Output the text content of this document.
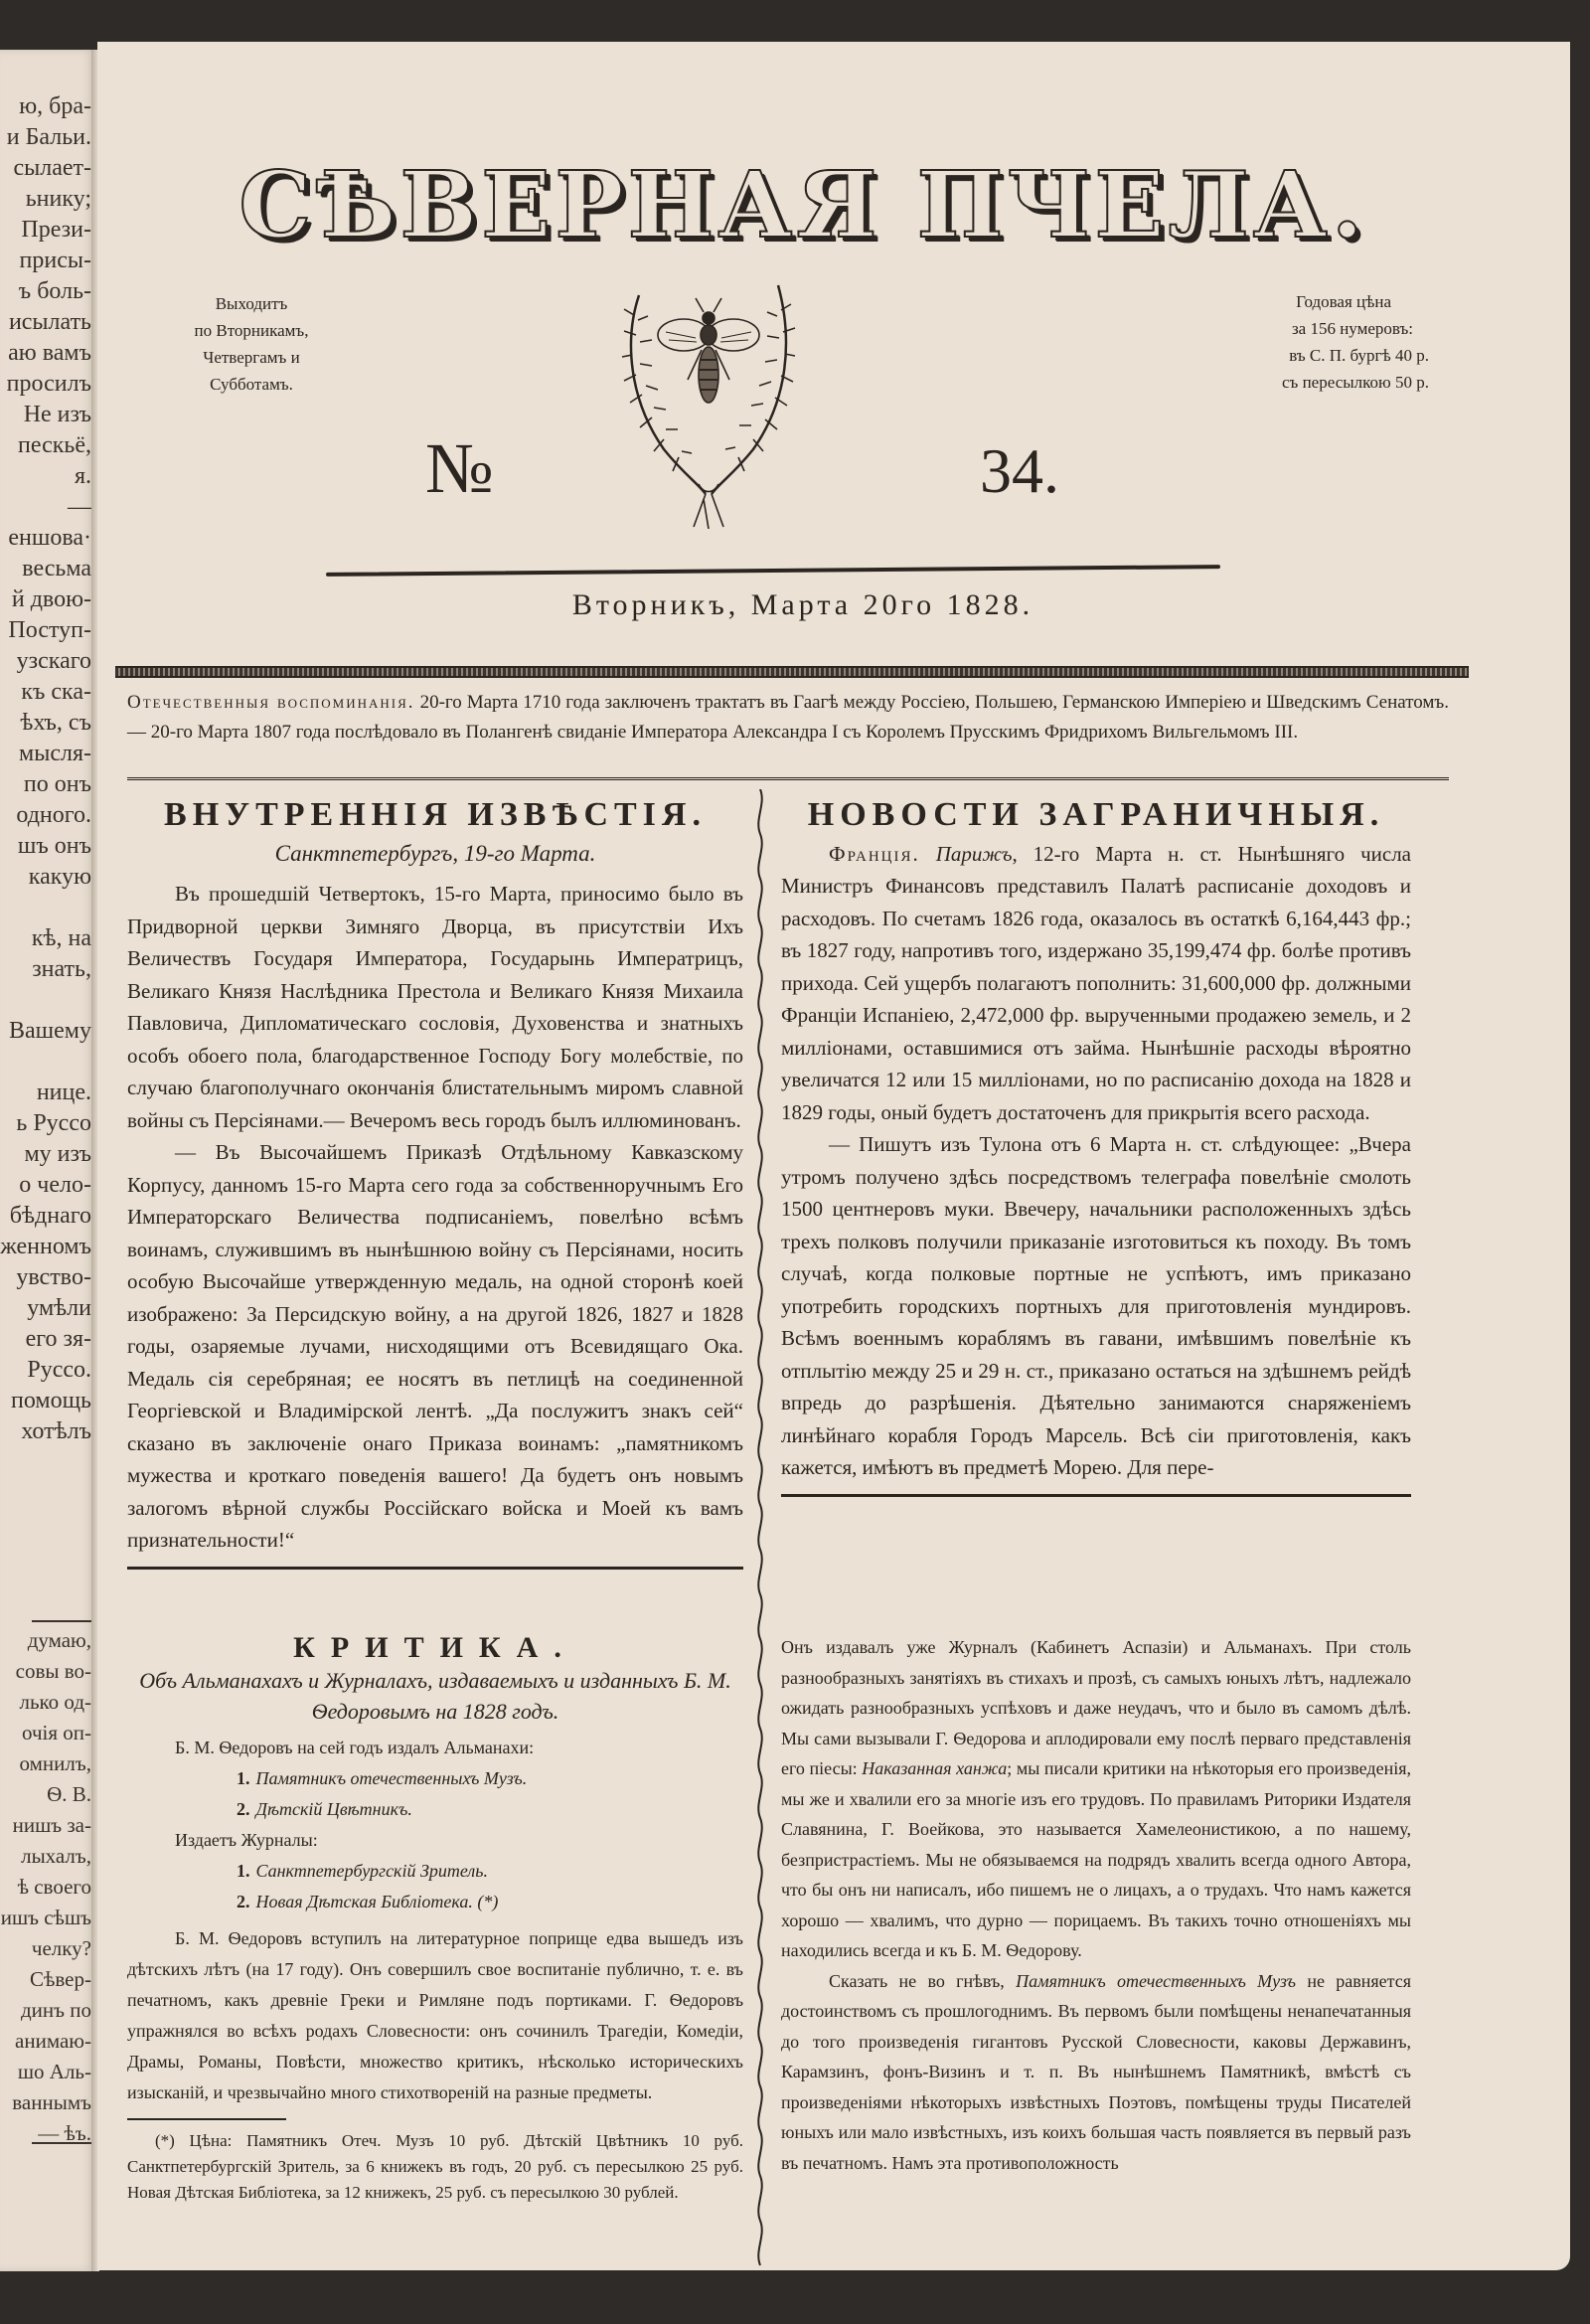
ю, бра-
и Бальи.
сылает-
ьнику;
Прези-
присы-
ъ боль-
исылать
аю вамъ
просилъ
Не изъ
пескьё,
я.
—
еншова·
весьма
й двою-
Поступ-
узскаго
къ ска-
ѣхъ, съ
мысля-
по онъ
одного.
шъ онъ
какую
кѣ, на
знать,
Вашему
нице.
ь Руссо
му изъ
о чело-
бѣднаго
женномъ
увствo-
умѣли
его зя-
Руссо.
помощь
хотѣлъ
думаю,
совы во-
лько од-
очія оп-
омнилъ,
Ѳ. В.
нишъ за-
лыхалъ,
ѣ своего
ишъ сѣшъ
челку?
Сѣвер-
динъ по
анимаю-
шо Аль-
ваннымъ
— ѣъ.
СѢВЕРНАЯ ПЧЕЛА.
Выходитъ
по Вторникамъ,
Четвергамъ и
Субботамъ.
Годовая цѣна
за 156 нумеровъ:
въ С. П. бургѣ 40 р.
съ пересылкою 50 р.
№	34.
Вторникъ, Марта 20го 1828.
Отечественныя воспоминанія. 20-го Марта 1710 года заключенъ трактатъ въ Гаагѣ между Россіею, Польшею, Германскою Имперіею и Шведскимъ Сенатомъ. — 20-го Марта 1807 года послѣдовало въ Полангенѣ свиданіе Императора Александра I съ Королемъ Прусскимъ Фридрихомъ Вильгельмомъ III.
ВНУТРЕННІЯ ИЗВѢСТІЯ.
Санктпетербургъ, 19-го Марта.

Въ прошедшій Четвертокъ, 15-го Марта, приносимо было въ Придворной церкви Зимняго Дворца, въ присутствіи Ихъ Величествъ Государя Императора, Государынь Императрицъ, Великаго Князя Наслѣдника Престола и Великаго Князя Михаила Павловича, Дипломатическаго сословія, Духовенства и знатныхъ особъ обоего пола, благодарственное Господу Богу молебствіе, по случаю благополучнаго окончанія блистательнымъ миромъ славной войны съ Персіянами.— Вечеромъ весь городъ былъ иллюминованъ.

— Въ Высочайшемъ Приказѣ Отдѣльному Кавказскому Корпусу, данномъ 15-го Марта сего года за собственноручнымъ Его Императорскаго Величества подписаніемъ, повелѣно всѣмъ воинамъ, служившимъ въ нынѣшнюю войну съ Персіянами, носить особую Высочайше утвержденную медаль, на одной сторонѣ коей изображено: За Персидскую войну, а на другой 1826, 1827 и 1828 годы, озаряемые лучами, нисходящими отъ Всевидящаго Ока. Медаль сія серебряная; ее носятъ въ петлицѣ на соединенной Георгіевской и Владимірской лентѣ. „Да послужитъ знакъ сей“ сказано въ заключеніе онаго Приказа воинамъ: „памятникомъ мужества и кроткаго поведенія вашего! Да будетъ онъ новымъ залогомъ вѣрной службы Россійскаго войска и Моей къ вамъ признательности!“

НОВОСТИ ЗАГРАНИЧНЫЯ.

Франція. Парижъ, 12-го Марта н. ст. Нынѣшняго числа Министръ Финансовъ представилъ Палатѣ расписаніе доходовъ и расходовъ. По счетамъ 1826 года, оказалось въ остаткѣ 6,164,443 фр.; въ 1827 году, напротивъ того, издержано 35,199,474 фр. болѣе противъ прихода. Сей ущербъ полагаютъ пополнить: 31,600,000 фр. должными Франціи Испаніею, 2,472,000 фр. вырученными продажею земель, и 2 милліонами, оставшимися отъ займа. Нынѣшніе расходы вѣроятно увеличатся 12 или 15 милліонами, но по расписанію дохода на 1828 и 1829 годы, оный будетъ достаточенъ для прикрытія всего расхода.

— Пишутъ изъ Тулона отъ 6 Марта н. ст. слѣдующее: „Вчера утромъ получено здѣсь посредствомъ телеграфа повелѣніе смолоть 1500 центнеровъ муки. Ввечеру, начальники расположенныхъ здѣсь трехъ полковъ получили приказаніе изготовиться къ походу. Въ томъ случаѣ, когда полковые портные не успѣютъ, имъ приказано употребить городскихъ портныхъ для приготовленія мундировъ. Всѣмъ военнымъ кораблямъ въ гавани, имѣвшимъ повелѣніе къ отплытію между 25 и 29 н. ст., приказано остаться на здѣшнемъ рейдѣ впредь до разрѣшенія. Дѣятельно занимаются снаряженіемъ линѣйнаго корабля Городъ Марсель. Всѣ сіи приготовленія, какъ кажется, имѣютъ въ предметѣ Морею. Для пере-

КРИТИКА.
Объ Альманахахъ и Журналахъ, издаваемыхъ и изданныхъ Б. М. Ѳедоровымъ на 1828 годъ.
Б. М. Ѳедоровъ на сей годъ издалъ Альманахи:
1. Памятникъ отечественныхъ Музъ.
2. Дѣтскій Цвѣтникъ.
Издаетъ Журналы:
1. Санктпетербургскій Зритель.
2. Новая Дѣтская Библіотека. (*)

Б. М. Ѳедоровъ вступилъ на литературное поприще едва вышедъ изъ дѣтскихъ лѣтъ (на 17 году). Онъ совершилъ свое воспитаніе публично, т. е. въ печатномъ, какъ древніе Греки и Римляне подъ портиками. Г. Ѳедоровъ упражнялся во всѣхъ родахъ Словесности: онъ сочинилъ Трагедіи, Комедіи, Драмы, Романы, Повѣсти, множество критикъ, нѣсколько историческихъ изысканій, и чрезвычайно много стихотвореній на разные предметы.

(*) Цѣна: Памятникъ Отеч. Музъ 10 руб. Дѣтскій Цвѣтникъ 10 руб. Санктпетербургскій Зритель, за 6 книжекъ въ годъ, 20 руб. съ пересылкою 25 руб. Новая Дѣтская Библіотека, за 12 книжекъ, 25 руб. съ пересылкою 30 рублей.

Онъ издавалъ уже Журналъ (Кабинетъ Аспазіи) и Альманахъ. При столь разнообразныхъ занятіяхъ въ стихахъ и прозѣ, съ самыхъ юныхъ лѣтъ, надлежало ожидать разнообразныхъ успѣховъ и даже неудачъ, что и было въ самомъ дѣлѣ. Мы сами вызывали Г. Ѳедорова и аплодировали ему послѣ перваго представленія его піесы: Наказанная ханжа; мы писали критики на нѣкоторыя его произведенія, мы же и хвалили его за многіе изъ его трудовъ. По правиламъ Риторики Издателя Славянина, Г. Воейкова, это называется Хамелеонистикою, а по нашему, безпристрастіемъ. Мы не обязываемся на подрядъ хвалить всегда одного Автора, что бы онъ ни написалъ, ибо пишемъ не о лицахъ, а о трудахъ. Что намъ кажется хорошо — хвалимъ, что дурно — порицаемъ. Въ такихъ точно отношеніяхъ мы находились всегда и къ Б. М. Ѳедорову.

Сказать не во гнѣвъ, Памятникъ отечественныхъ Музъ не равняется достоинствомъ съ прошлогоднимъ. Въ первомъ были помѣщены ненапечатанныя до того произведенія гигантовъ Русской Словесности, каковы Державинъ, Карамзинъ, фонъ-Визинъ и т. п. Въ нынѣшнемъ Памятникѣ, вмѣстѣ съ произведеніями нѣкоторыхъ извѣстныхъ Поэтовъ, помѣщены труды Писателей юныхъ или мало извѣстныхъ, изъ коихъ большая часть появляется въ первый разъ въ печатномъ. Намъ эта противоположность
